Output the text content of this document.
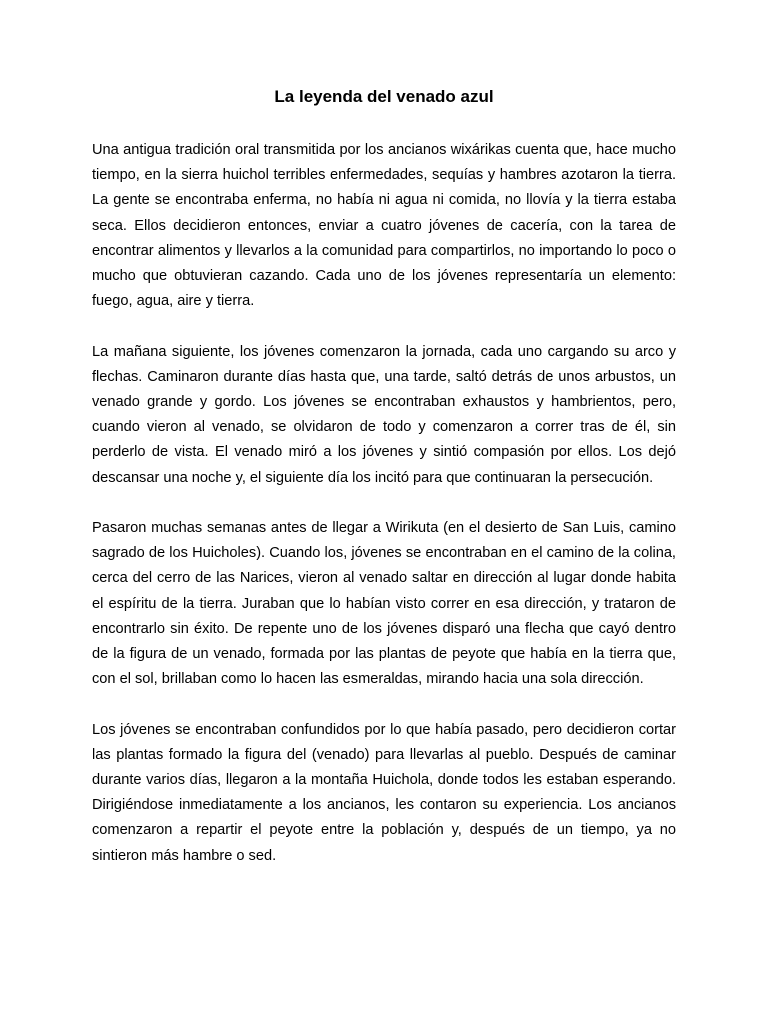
La leyenda del venado azul

Una antigua tradición oral transmitida por los ancianos wixárikas cuenta que, hace mucho tiempo, en la sierra huichol terribles enfermedades, sequías y hambres azotaron la tierra. La gente se encontraba enferma, no había ni agua ni comida, no llovía y la tierra estaba seca. Ellos decidieron entonces, enviar a cuatro jóvenes de cacería, con la tarea de encontrar alimentos y llevarlos a la comunidad para compartirlos, no importando lo poco o mucho que obtuvieran cazando. Cada uno de los jóvenes representaría un elemento: fuego, agua, aire y tierra.

La mañana siguiente, los jóvenes comenzaron la jornada, cada uno cargando su arco y flechas. Caminaron durante días hasta que, una tarde, saltó detrás de unos arbustos, un venado grande y gordo. Los jóvenes se encontraban exhaustos y hambrientos, pero, cuando vieron al venado, se olvidaron de todo y comenzaron a correr tras de él, sin perderlo de vista. El venado miró a los jóvenes y sintió compasión por ellos. Los dejó descansar una noche y, el siguiente día los incitó para que continuaran la persecución.

Pasaron muchas semanas antes de llegar a Wirikuta (en el desierto de San Luis, camino sagrado de los Huicholes). Cuando los, jóvenes se encontraban en el camino de la colina, cerca del cerro de las Narices, vieron al venado saltar en dirección al lugar donde habita el espíritu de la tierra. Juraban que lo habían visto correr en esa dirección, y trataron de encontrarlo sin éxito. De repente uno de los jóvenes disparó una flecha que cayó dentro de la figura de un venado, formada por las plantas de peyote que había en la tierra que, con el sol, brillaban como lo hacen las esmeraldas, mirando hacia una sola dirección.

Los jóvenes se encontraban confundidos por lo que había pasado, pero decidieron cortar las plantas formado la figura del (venado) para llevarlas al pueblo. Después de caminar durante varios días, llegaron a la montaña Huichola, donde todos les estaban esperando. Dirigiéndose inmediatamente a los ancianos, les contaron su experiencia. Los ancianos comenzaron a repartir el peyote entre la población y, después de un tiempo, ya no sintieron más hambre o sed.
